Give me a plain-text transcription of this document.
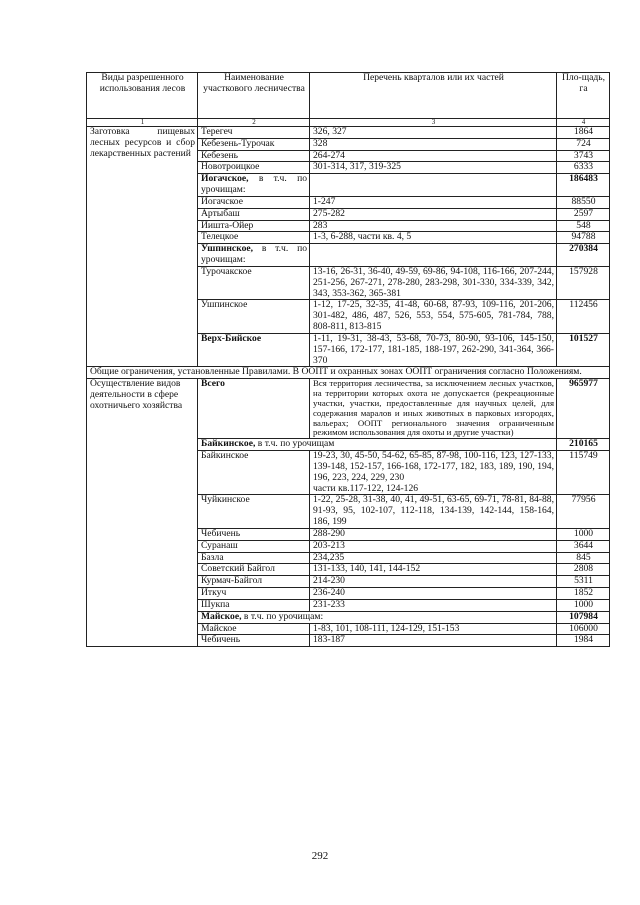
Виды разрешенного использования лесов	Наименование участкового лесничества	Перечень кварталов или их частей	Пло-щадь, га
1	2	3	4
Заготовка пищевых лесных ресурсов и сбор лекарственных растений	Терегеч	326, 327	1864
	Кебезень-Турочак	328	724
	Кебезень	264-274	3743
	Новотроицкое	301-314, 317, 319-325	6333
	Иогачское, в т.ч. по урочищам:		186483
	Иогачское	1-247	88550
	Артыбаш	275-282	2597
	Иишта-Ойер	283	548
	Телецкое	1-3, 6-288, части кв. 4, 5	94788
	Ушпинское, в т.ч. по урочищам:		270384
	Турочакское	13-16, 26-31, 36-40, 49-59, 69-86, 94-108, 116-166, 207-244, 251-256, 267-271, 278-280, 283-298, 301-330, 334-339, 342, 343, 353-362, 365-381	157928
	Ушпинское	1-12, 17-25, 32-35, 41-48, 60-68, 87-93, 109-116, 201-206, 301-482, 486, 487, 526, 553, 554, 575-605, 781-784, 788, 808-811, 813-815	112456
	Верх-Бийское	1-11, 19-31, 38-43, 53-68, 70-73, 80-90, 93-106, 145-150, 157-166, 172-177, 181-185, 188-197, 262-290, 341-364, 366-370	101527
Общие ограничения, установленные Правилами. В ООПТ и охранных зонах ООПТ ограничения согласно Положениям.			

Осуществление видов деятельности в сфере охотничьего хозяйства	Всего	Вся территория лесничества, за исключением лесных участков, на территории которых охота не допускается (рекреационные участки, участки, предоставленные для научных целей, для содержания маралов и иных животных в парковых изгородях, вальерах; ООПТ регионального значения ограниченным режимом использования для охоты и другие участки)	965977
	Байкинское, в т.ч. по урочищам		210165
	Байкинское	19-23, 30, 45-50, 54-62, 65-85, 87-98, 100-116, 123, 127-133, 139-148, 152-157, 166-168, 172-177, 182, 183, 189, 190, 194, 196, 223, 224, 229, 230
части кв.117-122, 124-126	115749
	Чуйкинское	1-22, 25-28, 31-38, 40, 41, 49-51, 63-65, 69-71, 78-81, 84-88, 91-93, 95, 102-107, 112-118, 134-139, 142-144, 158-164, 186, 199	77956
	Чебичень	288-290	1000
	Суранаш	203-213	3644
	Базла	234,235	845
	Советский Байгол	131-133, 140, 141, 144-152	2808
	Курмач-Байгол	214-230	5311
	Иткуч	236-240	1852
	Шукпа	231-233	1000
	Майское, в т.ч. по урочищам:		107984
	Майское	1-83, 101, 108-111, 124-129, 151-153	106000
	Чебичень	183-187	1984
292
